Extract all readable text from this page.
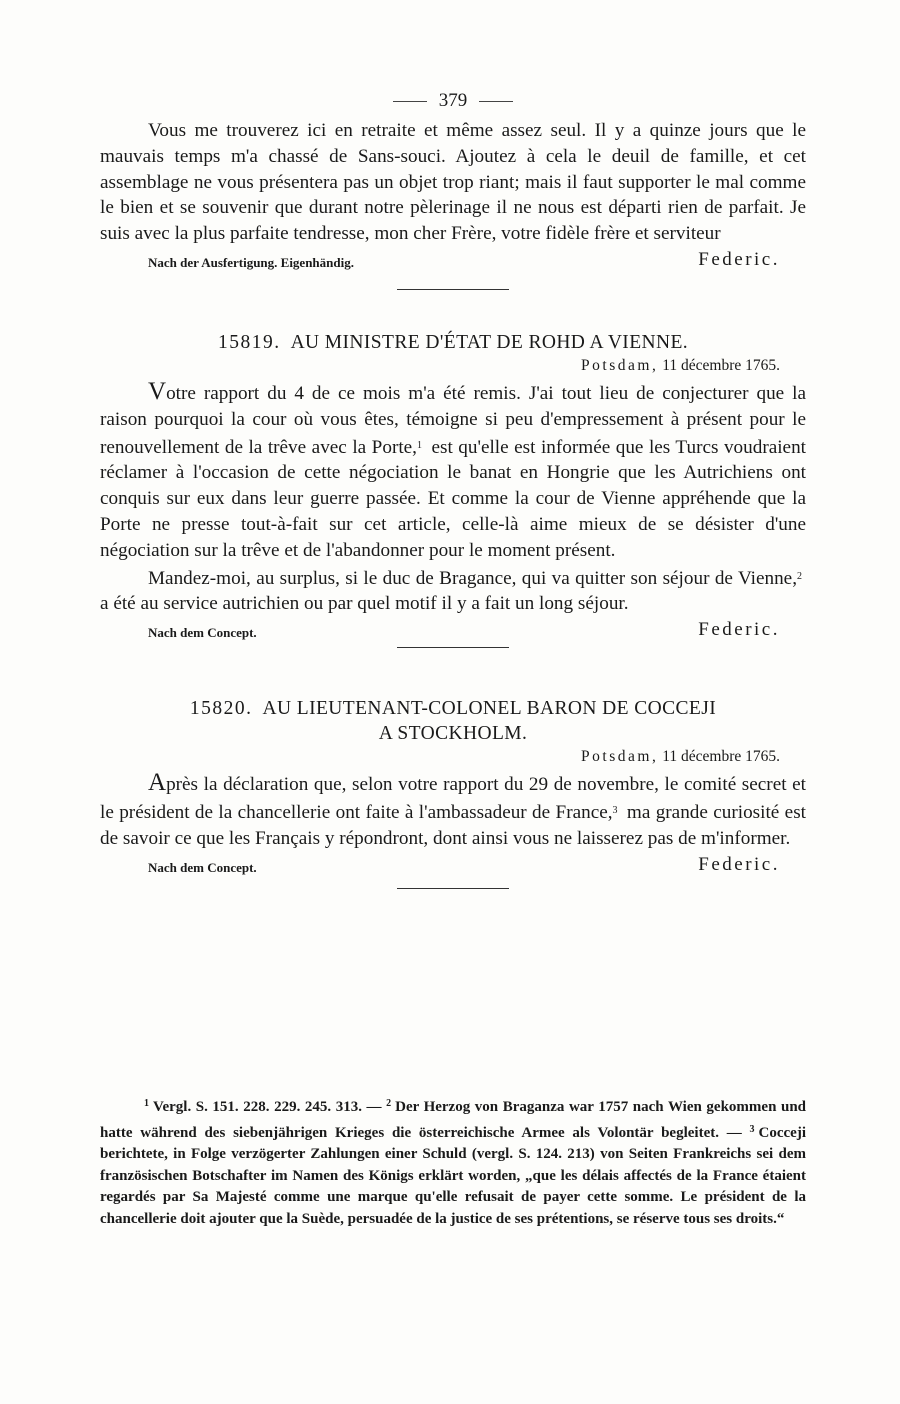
379

Vous me trouverez ici en retraite et même assez seul. Il y a quinze jours que le mauvais temps m'a chassé de Sans-souci. Ajoutez à cela le deuil de famille, et cet assemblage ne vous présentera pas un objet trop riant; mais il faut supporter le mal comme le bien et se souvenir que durant notre pèlerinage il ne nous est départi rien de parfait. Je suis avec la plus parfaite tendresse, mon cher Frère, votre fidèle frère et serviteur

Nach der Ausfertigung. Eigenhändig.	Federic.
15819. AU MINISTRE D'ÉTAT DE ROHD A VIENNE.
Potsdam, 11 décembre 1765.

Votre rapport du 4 de ce mois m'a été remis. J'ai tout lieu de conjecturer que la raison pourquoi la cour où vous êtes, témoigne si peu d'empressement à présent pour le renouvellement de la trêve avec la Porte,$^1$ est qu'elle est informée que les Turcs voudraient réclamer à l'occasion de cette négociation le banat en Hongrie que les Autrichiens ont conquis sur eux dans leur guerre passée. Et comme la cour de Vienne appréhende que la Porte ne presse tout-à-fait sur cet article, celle-là aime mieux de se désister d'une négociation sur la trêve et de l'abandonner pour le moment présent.

Mandez-moi, au surplus, si le duc de Bragance, qui va quitter son séjour de Vienne,$^2$ a été au service autrichien ou par quel motif il y a fait un long séjour.

Nach dem Concept.	Federic.
15820. AU LIEUTENANT-COLONEL BARON DE COCCEJI
A STOCKHOLM.
Potsdam, 11 décembre 1765.

Après la déclaration que, selon votre rapport du 29 de novembre, le comité secret et le président de la chancellerie ont faite à l'ambassadeur de France,$^3$ ma grande curiosité est de savoir ce que les Français y répondront, dont ainsi vous ne laisserez pas de m'informer.

Nach dem Concept.	Federic.

$^1$ Vergl. S. 151. 228. 229. 245. 313. — $^2$ Der Herzog von Braganza war 1757 nach Wien gekommen und hatte während des siebenjährigen Krieges die österreichische Armee als Volontär begleitet. — $^3$ Cocceji berichtete, in Folge verzögerter Zahlungen einer Schuld (vergl. S. 124. 213) von Seiten Frankreichs sei dem französischen Botschafter im Namen des Königs erklärt worden, „que les délais affectés de la France étaient regardés par Sa Majesté comme une marque qu'elle refusait de payer cette somme. Le président de la chancellerie doit ajouter que la Suède, persuadée de la justice de ses prétentions, se réserve tous ses droits.“
